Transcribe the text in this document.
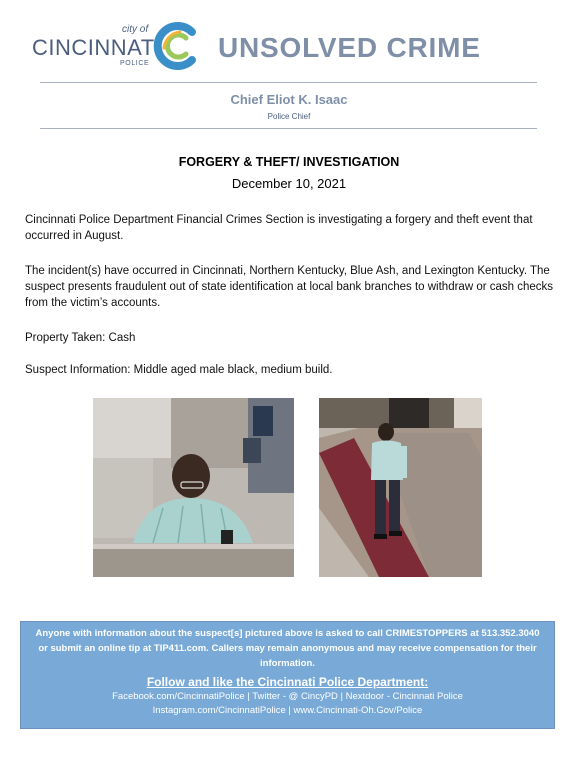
city of
CINCINNATI
POLICE
UNSOLVED CRIME
Chief Eliot K. Isaac
Police Chief
FORGERY & THEFT/ INVESTIGATION
December 10, 2021
Cincinnati Police Department Financial Crimes Section is investigating a forgery and theft event that occurred in August.
The incident(s) have occurred in Cincinnati, Northern Kentucky, Blue Ash, and Lexington Kentucky. The suspect presents fraudulent out of state identification at local bank branches to withdraw or cash checks from the victim’s accounts.
Property Taken: Cash
Suspect Information: Middle aged male black, medium build.
Anyone with information about the suspect[s] pictured above is asked to call CRIMESTOPPERS at 513.352.3040 or submit an online tip at TIP411.com. Callers may remain anonymous and may receive compensation for their information.
Follow and like the Cincinnati Police Department:
Facebook.com/CincinnatiPolice | Twitter - @ CincyPD | Nextdoor - Cincinnati Police
Instagram.com/CincinnatiPolice | www.Cincinnati-Oh.Gov/Police
